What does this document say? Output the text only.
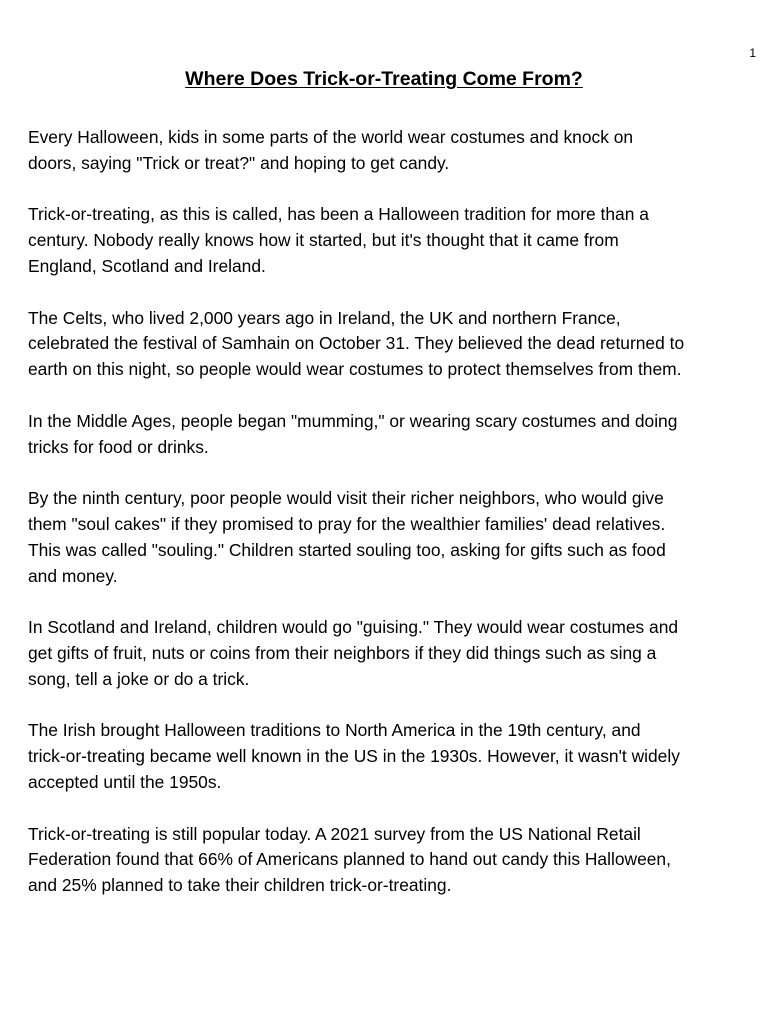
1
Where Does Trick-or-Treating Come From?

Every Halloween, kids in some parts of the world wear costumes and knock on
doors, saying "Trick or treat?" and hoping to get candy.

Trick-or-treating, as this is called, has been a Halloween tradition for more than a
century. Nobody really knows how it started, but it's thought that it came from
England, Scotland and Ireland.

The Celts, who lived 2,000 years ago in Ireland, the UK and northern France,
celebrated the festival of Samhain on October 31. They believed the dead returned to
earth on this night, so people would wear costumes to protect themselves from them.

In the Middle Ages, people began "mumming," or wearing scary costumes and doing
tricks for food or drinks.

By the ninth century, poor people would visit their richer neighbors, who would give
them "soul cakes" if they promised to pray for the wealthier families' dead relatives.
This was called "souling." Children started souling too, asking for gifts such as food
and money.

In Scotland and Ireland, children would go "guising." They would wear costumes and
get gifts of fruit, nuts or coins from their neighbors if they did things such as sing a
song, tell a joke or do a trick.

The Irish brought Halloween traditions to North America in the 19th century, and
trick-or-treating became well known in the US in the 1930s. However, it wasn't widely
accepted until the 1950s.

Trick-or-treating is still popular today. A 2021 survey from the US National Retail
Federation found that 66% of Americans planned to hand out candy this Halloween,
and 25% planned to take their children trick-or-treating.
